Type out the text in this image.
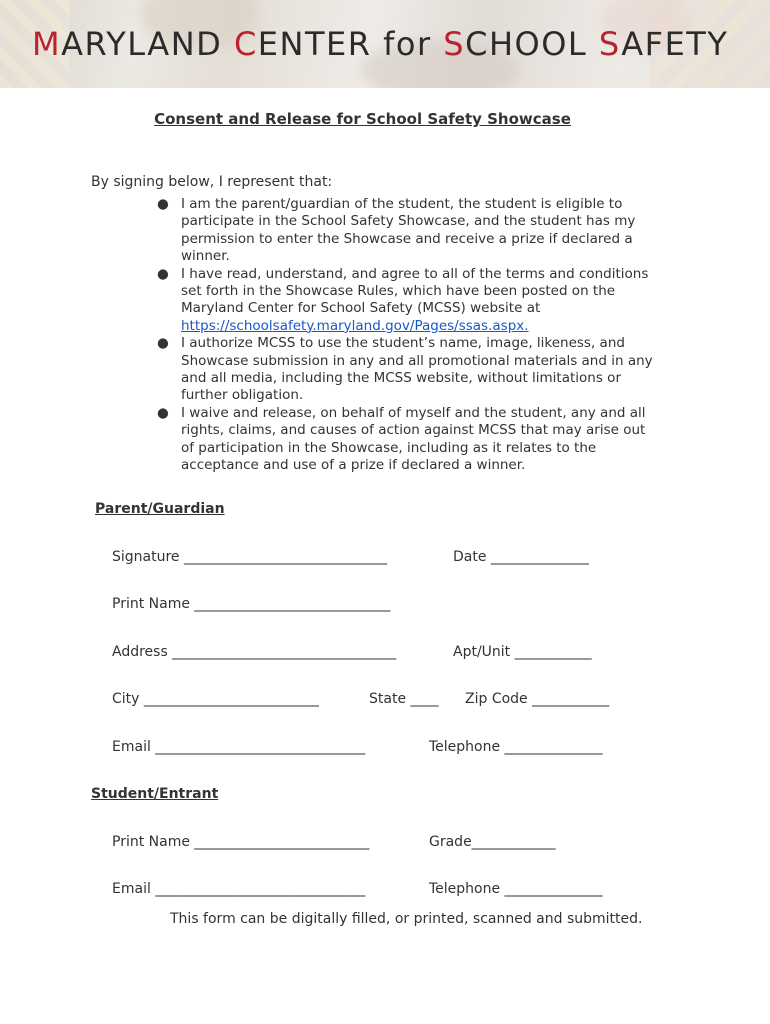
MARYLAND CENTER for SCHOOL SAFETY
Consent and Release for School Safety Showcase
By signing below, I represent that:
● I am the parent/guardian of the student, the student is eligible to participate in the School Safety Showcase, and the student has my permission to enter the Showcase and receive a prize if declared a winner.
● I have read, understand, and agree to all of the terms and conditions set forth in the Showcase Rules, which have been posted on the Maryland Center for School Safety (MCSS) website at https://schoolsafety.maryland.gov/Pages/ssas.aspx.
● I authorize MCSS to use the student’s name, image, likeness, and Showcase submission in any and all promotional materials and in any and all media, including the MCSS website, without limitations or further obligation.
● I waive and release, on behalf of myself and the student, any and all rights, claims, and causes of action against MCSS that may arise out of participation in the Showcase, including as it relates to the acceptance and use of a prize if declared a winner.
Parent/Guardian
Signature _____________________________	Date ______________
Print Name ____________________________
Address ________________________________	Apt/Unit ___________
City _________________________	State ____ Zip Code ___________
Email ______________________________	Telephone ______________
Student/Entrant
Print Name _________________________	Grade____________
Email ______________________________	Telephone ______________
This form can be digitally filled, or printed, scanned and submitted.
